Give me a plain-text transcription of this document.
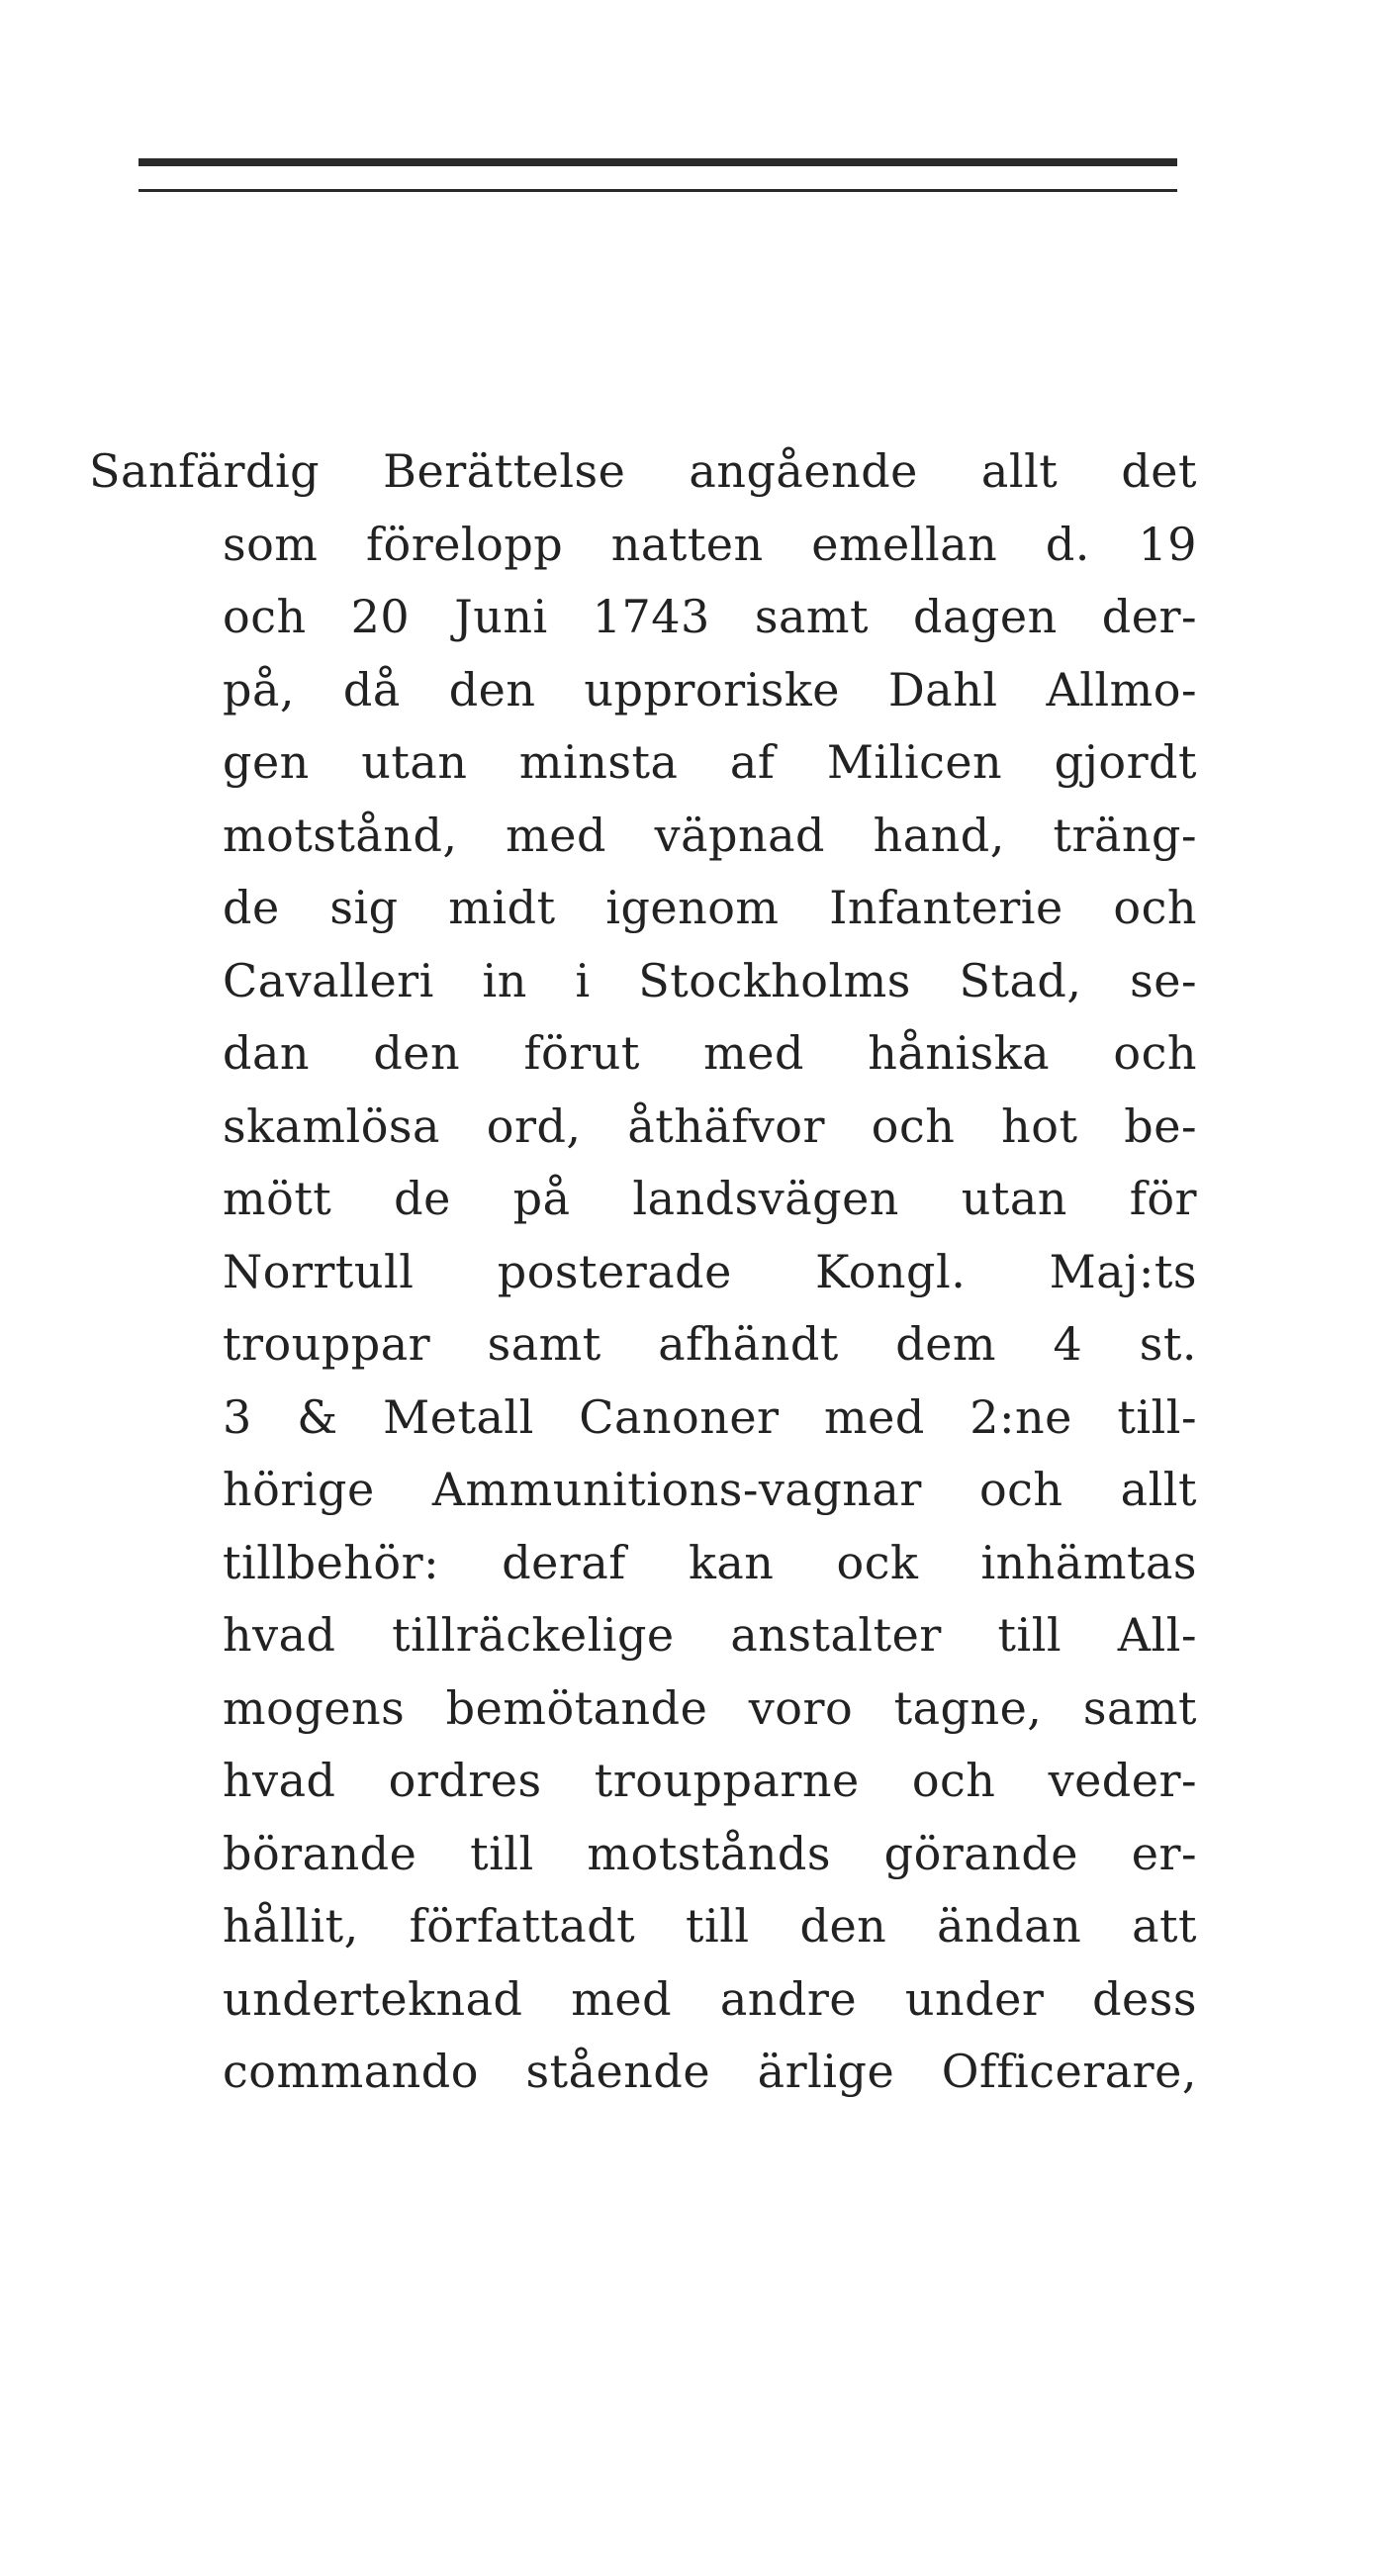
Sanfärdig Berättelse angående allt det
som förelopp natten emellan d. 19
och 20 Juni 1743 samt dagen der-
på, då den upproriske Dahl Allmo-
gen utan minsta af Milicen gjordt
motstånd, med väpnad hand, träng-
de sig midt igenom Infanterie och
Cavalleri in i Stockholms Stad, se-
dan den förut med håniska och
skamlösa ord, åthäfvor och hot be-
mött de på landsvägen utan för
Norrtull posterade Kongl. Maj:ts
trouppar samt afhändt dem 4 st.
3 & Metall Canoner med 2:ne till-
hörige Ammunitions-vagnar och allt
tillbehör: deraf kan ock inhämtas
hvad tillräckelige anstalter till All-
mogens bemötande voro tagne, samt
hvad ordres troupparne och veder-
börande till motstånds görande er-
hållit, författadt till den ändan att
underteknad med andre under dess
commando stående ärlige Officerare,
